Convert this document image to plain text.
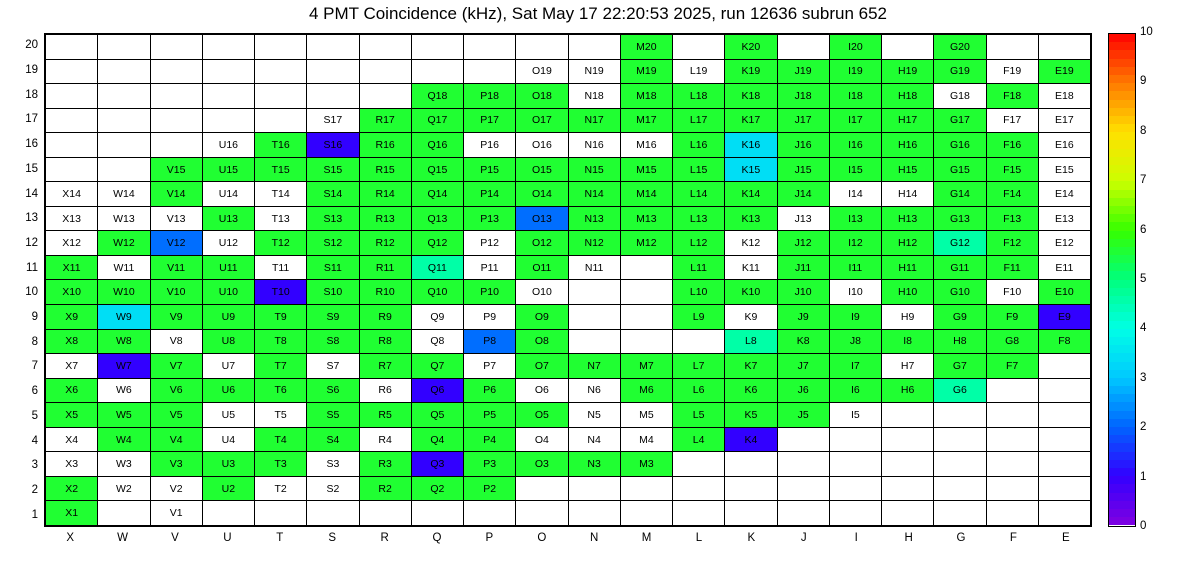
4 PMT Coincidence (kHz), Sat May 17 22:20:53 2025, run 12636 subrun 652
											M20		K20		I20		G20		
									O19	N19	M19	L19	K19	J19	I19	H19	G19	F19	E19
							Q18	P18	O18	N18	M18	L18	K18	J18	I18	H18	G18	F18	E18
					S17	R17	Q17	P17	O17	N17	M17	L17	K17	J17	I17	H17	G17	F17	E17
			U16	T16	S16	R16	Q16	P16	O16	N16	M16	L16	K16	J16	I16	H16	G16	F16	E16
		V15	U15	T15	S15	R15	Q15	P15	O15	N15	M15	L15	K15	J15	I15	H15	G15	F15	E15
X14	W14	V14	U14	T14	S14	R14	Q14	P14	O14	N14	M14	L14	K14	J14	I14	H14	G14	F14	E14
X13	W13	V13	U13	T13	S13	R13	Q13	P13	O13	N13	M13	L13	K13	J13	I13	H13	G13	F13	E13
X12	W12	V12	U12	T12	S12	R12	Q12	P12	O12	N12	M12	L12	K12	J12	I12	H12	G12	F12	E12
X11	W11	V11	U11	T11	S11	R11	Q11	P11	O11	N11		L11	K11	J11	I11	H11	G11	F11	E11
X10	W10	V10	U10	T10	S10	R10	Q10	P10	O10			L10	K10	J10	I10	H10	G10	F10	E10
X9	W9	V9	U9	T9	S9	R9	Q9	P9	O9			L9	K9	J9	I9	H9	G9	F9	E9
X8	W8	V8	U8	T8	S8	R8	Q8	P8	O8				L8	K8	J8	I8	H8	G8	F8
X7	W7	V7	U7	T7	S7	R7	Q7	P7	O7	N7	M7	L7	K7	J7	I7	H7	G7	F7	
X6	W6	V6	U6	T6	S6	R6	Q6	P6	O6	N6	M6	L6	K6	J6	I6	H6	G6		
X5	W5	V5	U5	T5	S5	R5	Q5	P5	O5	N5	M5	L5	K5	J5	I5				
X4	W4	V4	U4	T4	S4	R4	Q4	P4	O4	N4	M4	L4	K4						
X3	W3	V3	U3	T3	S3	R3	Q3	P3	O3	N3	M3								
X2	W2	V2	U2	T2	S2	R2	Q2	P2											
X1		V1																	
20
19
18
17
16
15
14
13
12
11
10
9
8
7
6
5
4
3
2
1
X	W	V	U	T	S	R	Q	P	O	N	M	L	K	J	I	H	G	F	E
0
1
2
3
4
5
6
7
8
9
10
